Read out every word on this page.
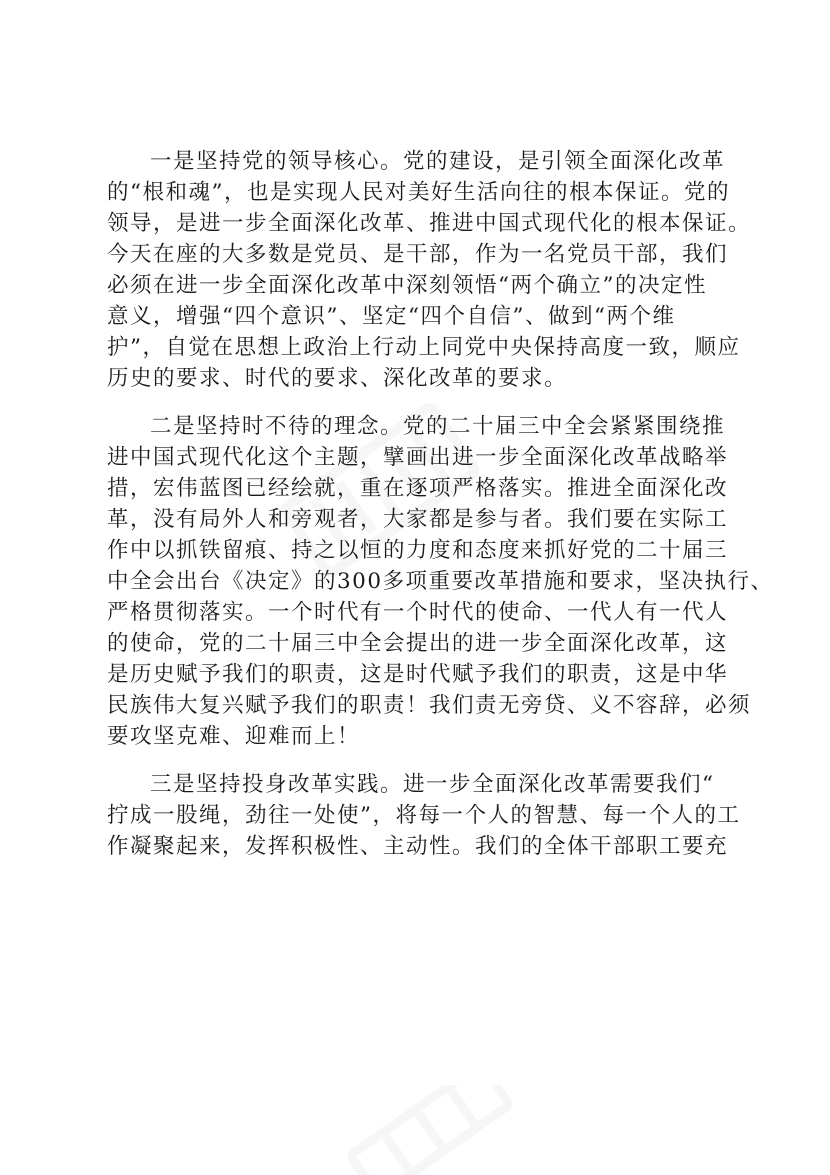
一是坚持党的领导核心。党的建设，是引领全面深化改革
的“根和魂”，也是实现人民对美好生活向往的根本保证。党的
领导，是进一步全面深化改革、推进中国式现代化的根本保证。
今天在座的大多数是党员、是干部，作为一名党员干部，我们
必须在进一步全面深化改革中深刻领悟“两个确立”的决定性
意义，增强“四个意识”、坚定“四个自信”、做到“两个维
护”，自觉在思想上政治上行动上同党中央保持高度一致，顺应
历史的要求、时代的要求、深化改革的要求。
二是坚持时不待的理念。党的二十届三中全会紧紧围绕推
进中国式现代化这个主题，擘画出进一步全面深化改革战略举
措，宏伟蓝图已经绘就，重在逐项严格落实。推进全面深化改
革，没有局外人和旁观者，大家都是参与者。我们要在实际工
作中以抓铁留痕、持之以恒的力度和态度来抓好党的二十届三
中全会出台《决定》的300多项重要改革措施和要求，坚决执行、
严格贯彻落实。一个时代有一个时代的使命、一代人有一代人
的使命，党的二十届三中全会提出的进一步全面深化改革，这
是历史赋予我们的职责，这是时代赋予我们的职责，这是中华
民族伟大复兴赋予我们的职责！我们责无旁贷、义不容辞，必须
要攻坚克难、迎难而上！
三是坚持投身改革实践。进一步全面深化改革需要我们“
拧成一股绳，劲往一处使”，将每一个人的智慧、每一个人的工
作凝聚起来，发挥积极性、主动性。我们的全体干部职工要充
